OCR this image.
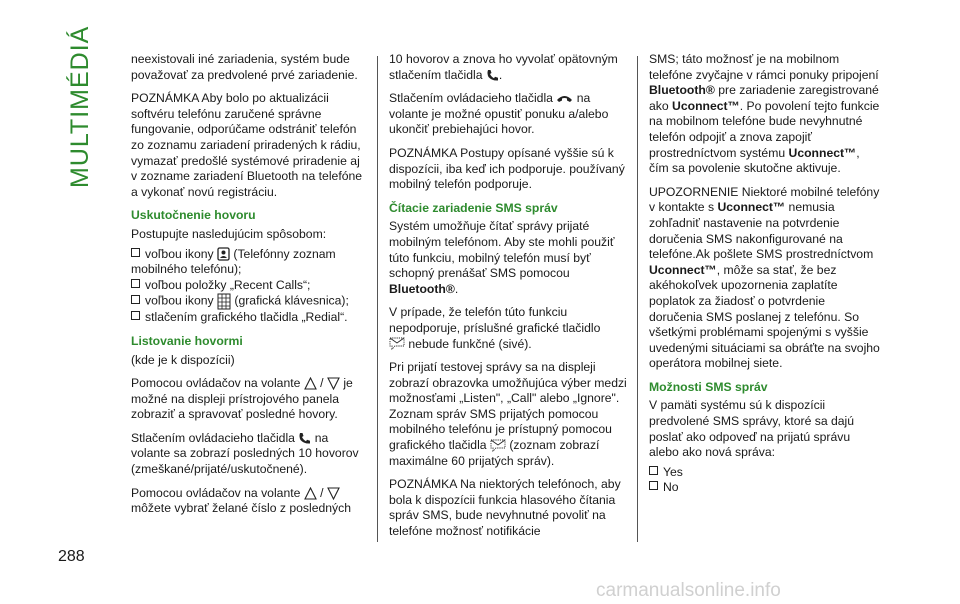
MULTIMÉDIÁ
288

neexistovali iné zariadenia, systém bude považovať za predvolené prvé zariadenie.

POZNÁMKA Aby bolo po aktualizácii softvéru telefónu zaručené správne fungovanie, odporúčame odstrániť telefón zo zoznamu zariadení priradených k rádiu, vymazať predošlé systémové priradenie aj v zozname zariadení Bluetooth na telefóne a vykonať novú registráciu.

Uskutočnenie hovoru

Postupujte nasledujúcim spôsobom:

voľbou ikony (Telefónny zoznam mobilného telefónu);
voľbou položky „Recent Calls“;
voľbou ikony (grafická klávesnica);
stlačením grafického tlačidla „Redial“.
Listovanie hovormi

(kde je k dispozícii)

Pomocou ovládačov na volante  /  je možné na displeji prístrojového panela zobraziť a spravovať posledné hovory.

Stlačením ovládacieho tlačidla na volante sa zobrazí posledných 10 hovorov (zmeškané/prijaté/uskutočnené).

Pomocou ovládačov na volante  /  môžete vybrať želané číslo z posledných

10 hovorov a znova ho vyvolať opätovným stlačením tlačidla .

Stlačením ovládacieho tlačidla na volante je možné opustiť ponuku a/alebo ukončiť prebiehajúci hovor.

POZNÁMKA Postupy opísané vyššie sú k dispozícii, iba keď ich podporuje. používaný mobilný telefón podporuje.

Čítacie zariadenie SMS správ

Systém umožňuje čítať správy prijaté mobilným telefónom. Aby ste mohli použiť túto funkciu, mobilný telefón musí byť schopný prenášať SMS pomocou Bluetooth®.

V prípade, že telefón túto funkciu nepodporuje, príslušné grafické tlačidlo
nebude funkčné (sivé).

Pri prijatí testovej správy sa na displeji zobrazí obrazovka umožňujúca výber medzi možnosťami „Listen", „Call" alebo „Ignore".

Zoznam správ SMS prijatých pomocou mobilného telefónu je prístupný pomocou grafického tlačidla (zoznam zobrazí maximálne 60 prijatých správ).

POZNÁMKA Na niektorých telefónoch, aby bola k dispozícii funkcia hlasového čítania správ SMS, bude nevyhnutné povoliť na telefóne možnosť notifikácie

SMS; táto možnosť je na mobilnom telefóne zvyčajne v rámci ponuky pripojení Bluetooth® pre zariadenie zaregistrované ako Uconnect™. Po povolení tejto funkcie na mobilnom telefóne bude nevyhnutné telefón odpojiť a znova zapojiť prostredníctvom systému Uconnect™, čím sa povolenie skutočne aktivuje.

UPOZORNENIE Niektoré mobilné telefóny v kontakte s Uconnect™ nemusia zohľadniť nastavenie na potvrdenie doručenia SMS nakonfigurované na telefóne.Ak pošlete SMS prostredníctvom Uconnect™, môže sa stať, že bez akéhokoľvek upozornenia zaplatíte poplatok za žiadosť o potvrdenie doručenia SMS poslanej z telefónu. So všetkými problémami spojenými s vyššie uvedenými situáciami sa obráťte na svojho operátora mobilnej siete.

Možnosti SMS správ

V pamäti systému sú k dispozícii predvolené SMS správy, ktoré sa dajú poslať ako odpoveď na prijatú správu alebo ako nová správa:

Yes
No
carmanualsonline.info
